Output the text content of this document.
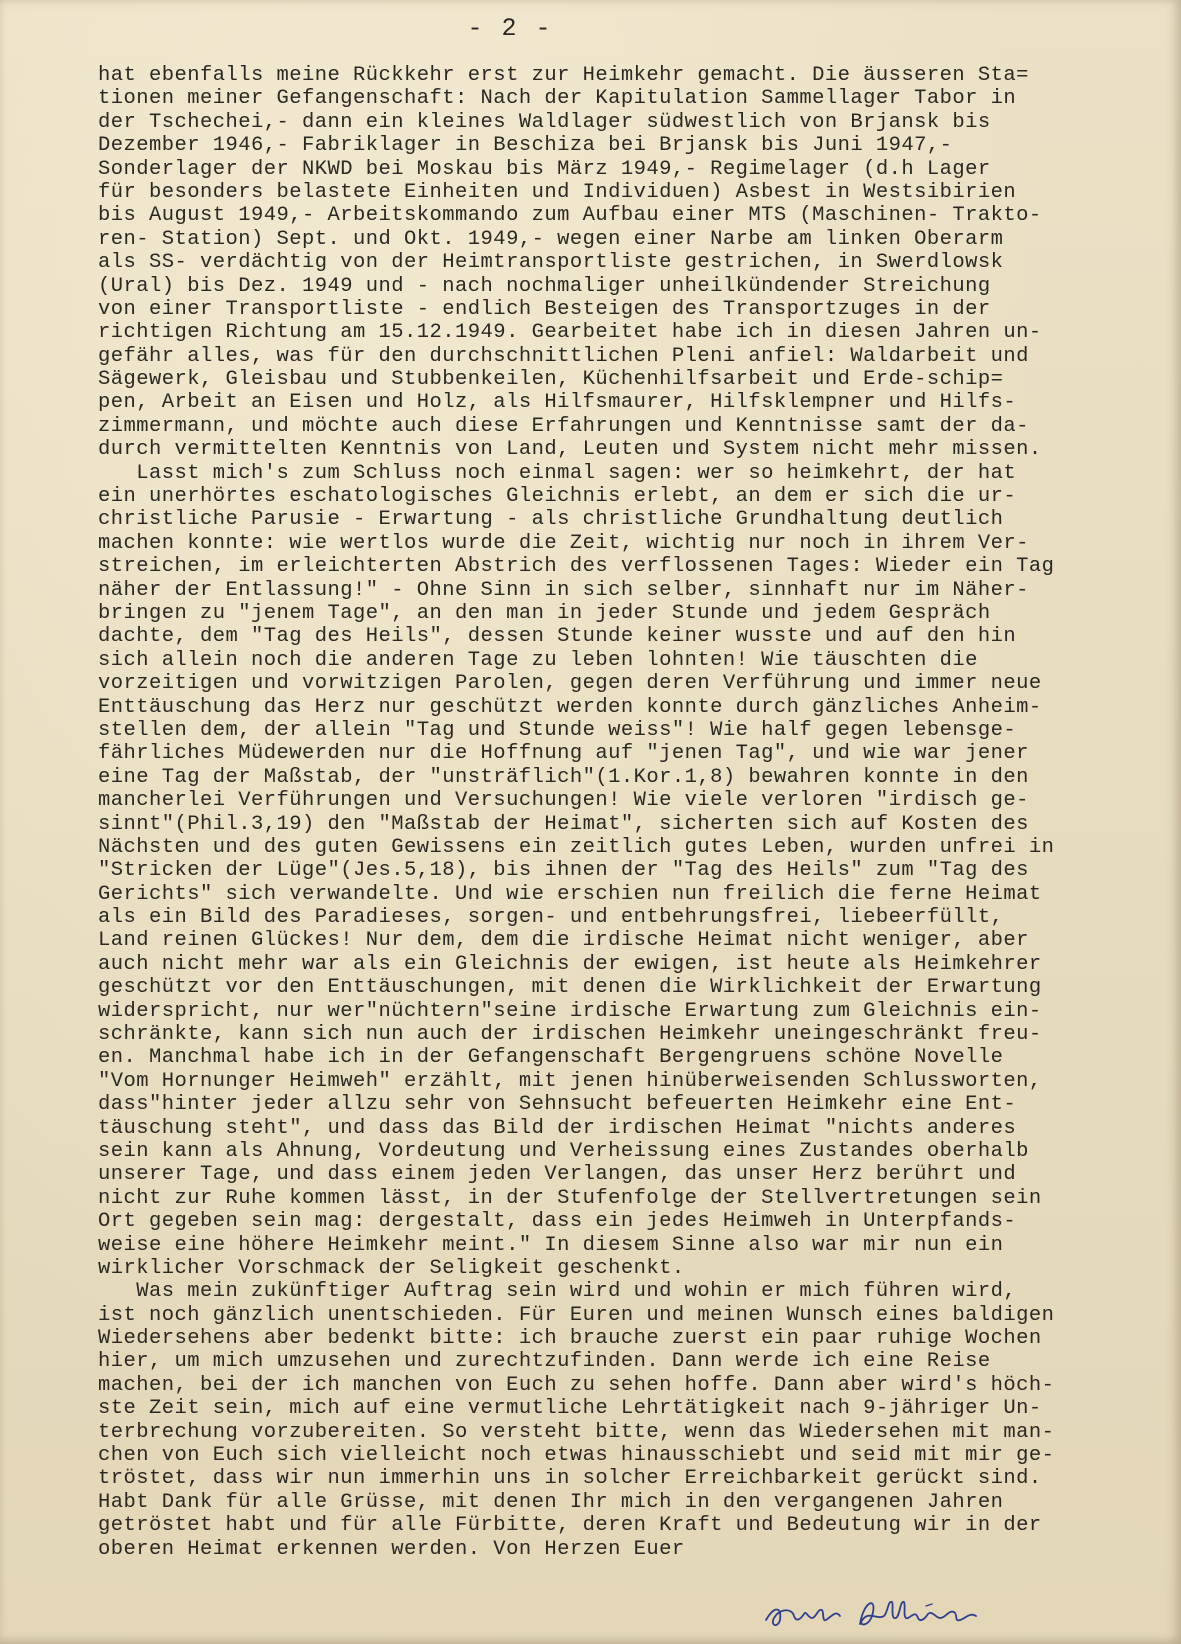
- 2 -
hat ebenfalls meine Rückkehr erst zur Heimkehr gemacht. Die äusseren Sta=
tionen meiner Gefangenschaft: Nach der Kapitulation Sammellager Tabor in
der Tschechei,- dann ein kleines Waldlager südwestlich von Brjansk bis
Dezember 1946,- Fabriklager in Beschiza bei Brjansk bis Juni 1947,-
Sonderlager der NKWD bei Moskau bis März 1949,- Regimelager (d.h Lager
für besonders belastete Einheiten und Individuen) Asbest in Westsibirien
bis August 1949,- Arbeitskommando zum Aufbau einer MTS (Maschinen- Trakto-
ren- Station) Sept. und Okt. 1949,- wegen einer Narbe am linken Oberarm
als SS- verdächtig von der Heimtransportliste gestrichen, in Swerdlowsk
(Ural) bis Dez. 1949 und - nach nochmaliger unheilkündender Streichung
von einer Transportliste - endlich Besteigen des Transportzuges in der
richtigen Richtung am 15.12.1949. Gearbeitet habe ich in diesen Jahren un-
gefähr alles, was für den durchschnittlichen Pleni anfiel: Waldarbeit und
Sägewerk, Gleisbau und Stubbenkeilen, Küchenhilfsarbeit und Erde-schip=
pen, Arbeit an Eisen und Holz, als Hilfsmaurer, Hilfsklempner und Hilfs-
zimmermann, und möchte auch diese Erfahrungen und Kenntnisse samt der da-
durch vermittelten Kenntnis von Land, Leuten und System nicht mehr missen.
Lasst mich's zum Schluss noch einmal sagen: wer so heimkehrt, der hat
ein unerhörtes eschatologisches Gleichnis erlebt, an dem er sich die ur-
christliche Parusie - Erwartung - als christliche Grundhaltung deutlich
machen konnte: wie wertlos wurde die Zeit, wichtig nur noch in ihrem Ver-
streichen, im erleichterten Abstrich des verflossenen Tages: Wieder ein Tag
näher der Entlassung!" - Ohne Sinn in sich selber, sinnhaft nur im Näher-
bringen zu "jenem Tage", an den man in jeder Stunde und jedem Gespräch
dachte, dem "Tag des Heils", dessen Stunde keiner wusste und auf den hin
sich allein noch die anderen Tage zu leben lohnten! Wie täuschten die
vorzeitigen und vorwitzigen Parolen, gegen deren Verführung und immer neue
Enttäuschung das Herz nur geschützt werden konnte durch gänzliches Anheim-
stellen dem, der allein "Tag und Stunde weiss"! Wie half gegen lebensge-
fährliches Müdewerden nur die Hoffnung auf "jenen Tag", und wie war jener
eine Tag der Maßstab, der "unsträflich"(1.Kor.1,8) bewahren konnte in den
mancherlei Verführungen und Versuchungen! Wie viele verloren "irdisch ge-
sinnt"(Phil.3,19) den "Maßstab der Heimat", sicherten sich auf Kosten des
Nächsten und des guten Gewissens ein zeitlich gutes Leben, wurden unfrei in
"Stricken der Lüge"(Jes.5,18), bis ihnen der "Tag des Heils" zum "Tag des
Gerichts" sich verwandelte. Und wie erschien nun freilich die ferne Heimat
als ein Bild des Paradieses, sorgen- und entbehrungsfrei, liebeerfüllt,
Land reinen Glückes! Nur dem, dem die irdische Heimat nicht weniger, aber
auch nicht mehr war als ein Gleichnis der ewigen, ist heute als Heimkehrer
geschützt vor den Enttäuschungen, mit denen die Wirklichkeit der Erwartung
widerspricht, nur wer"nüchtern"seine irdische Erwartung zum Gleichnis ein-
schränkte, kann sich nun auch der irdischen Heimkehr uneingeschränkt freu-
en. Manchmal habe ich in der Gefangenschaft Bergengruens schöne Novelle
"Vom Hornunger Heimweh" erzählt, mit jenen hinüberweisenden Schlussworten,
dass"hinter jeder allzu sehr von Sehnsucht befeuerten Heimkehr eine Ent-
täuschung steht", und dass das Bild der irdischen Heimat "nichts anderes
sein kann als Ahnung, Vordeutung und Verheissung eines Zustandes oberhalb
unserer Tage, und dass einem jeden Verlangen, das unser Herz berührt und
nicht zur Ruhe kommen lässt, in der Stufenfolge der Stellvertretungen sein
Ort gegeben sein mag: dergestalt, dass ein jedes Heimweh in Unterpfands-
weise eine höhere Heimkehr meint." In diesem Sinne also war mir nun ein
wirklicher Vorschmack der Seligkeit geschenkt.
Was mein zukünftiger Auftrag sein wird und wohin er mich führen wird,
ist noch gänzlich unentschieden. Für Euren und meinen Wunsch eines baldigen
Wiedersehens aber bedenkt bitte: ich brauche zuerst ein paar ruhige Wochen
hier, um mich umzusehen und zurechtzufinden. Dann werde ich eine Reise
machen, bei der ich manchen von Euch zu sehen hoffe. Dann aber wird's höch-
ste Zeit sein, mich auf eine vermutliche Lehrtätigkeit nach 9-jähriger Un-
terbrechung vorzubereiten. So versteht bitte, wenn das Wiedersehen mit man-
chen von Euch sich vielleicht noch etwas hinausschiebt und seid mit mir ge-
tröstet, dass wir nun immerhin uns in solcher Erreichbarkeit gerückt sind.
Habt Dank für alle Grüsse, mit denen Ihr mich in den vergangenen Jahren
getröstet habt und für alle Fürbitte, deren Kraft und Bedeutung wir in der
oberen Heimat erkennen werden. Von Herzen Euer
